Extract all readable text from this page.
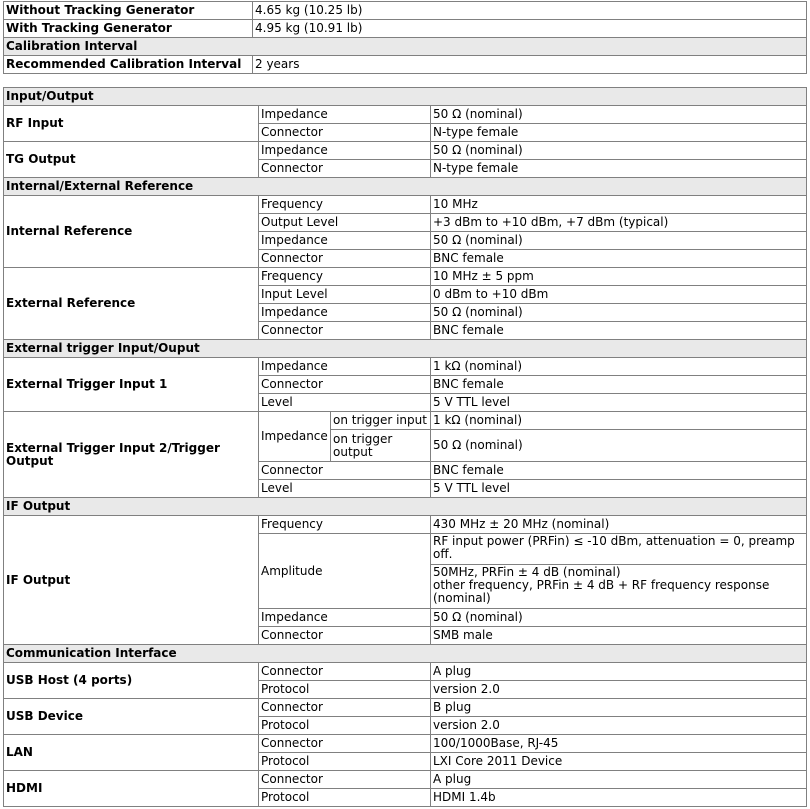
Without Tracking Generator	4.65 kg (10.25 lb)
With Tracking Generator	4.95 kg (10.91 lb)
Calibration Interval	
Recommended Calibration Interval	2 years
Input/Output			
RF Input	Impedance		50 Ω (nominal)
	Connector		N-type female
TG Output	Impedance		50 Ω (nominal)
	Connector		N-type female
Internal/External Reference			
Internal Reference	Frequency		10 MHz
	Output Level		+3 dBm to +10 dBm, +7 dBm (typical)
	Impedance		50 Ω (nominal)
	Connector		BNC female
External Reference	Frequency		10 MHz ± 5 ppm
	Input Level		0 dBm to +10 dBm
	Impedance		50 Ω (nominal)
	Connector		BNC female
External trigger Input/Ouput			
External Trigger Input 1	Impedance		1 kΩ (nominal)
	Connector		BNC female
	Level		5 V TTL level
External Trigger Input 2/Trigger Output	Impedance	on trigger input	1 kΩ (nominal)
		on trigger output	50 Ω (nominal)
	Connector		BNC female
	Level		5 V TTL level
IF Output			
IF Output	Frequency		430 MHz ± 20 MHz (nominal)
	Amplitude		RF input power (PRFin) ≤ -10 dBm, attenuation = 0, preamp off.

			50MHz, PRFin ± 4 dB (nominal)
other frequency, PRFin ± 4 dB + RF frequency response (nominal)

	Impedance		50 Ω (nominal)
	Connector		SMB male
Communication Interface			
USB Host (4 ports)	Connector		A plug
	Protocol		version 2.0
USB Device	Connector		B plug
	Protocol		version 2.0
LAN	Connector		100/1000Base, RJ-45
	Protocol		LXI Core 2011 Device
HDMI	Connector		A plug
	Protocol		HDMI 1.4b
